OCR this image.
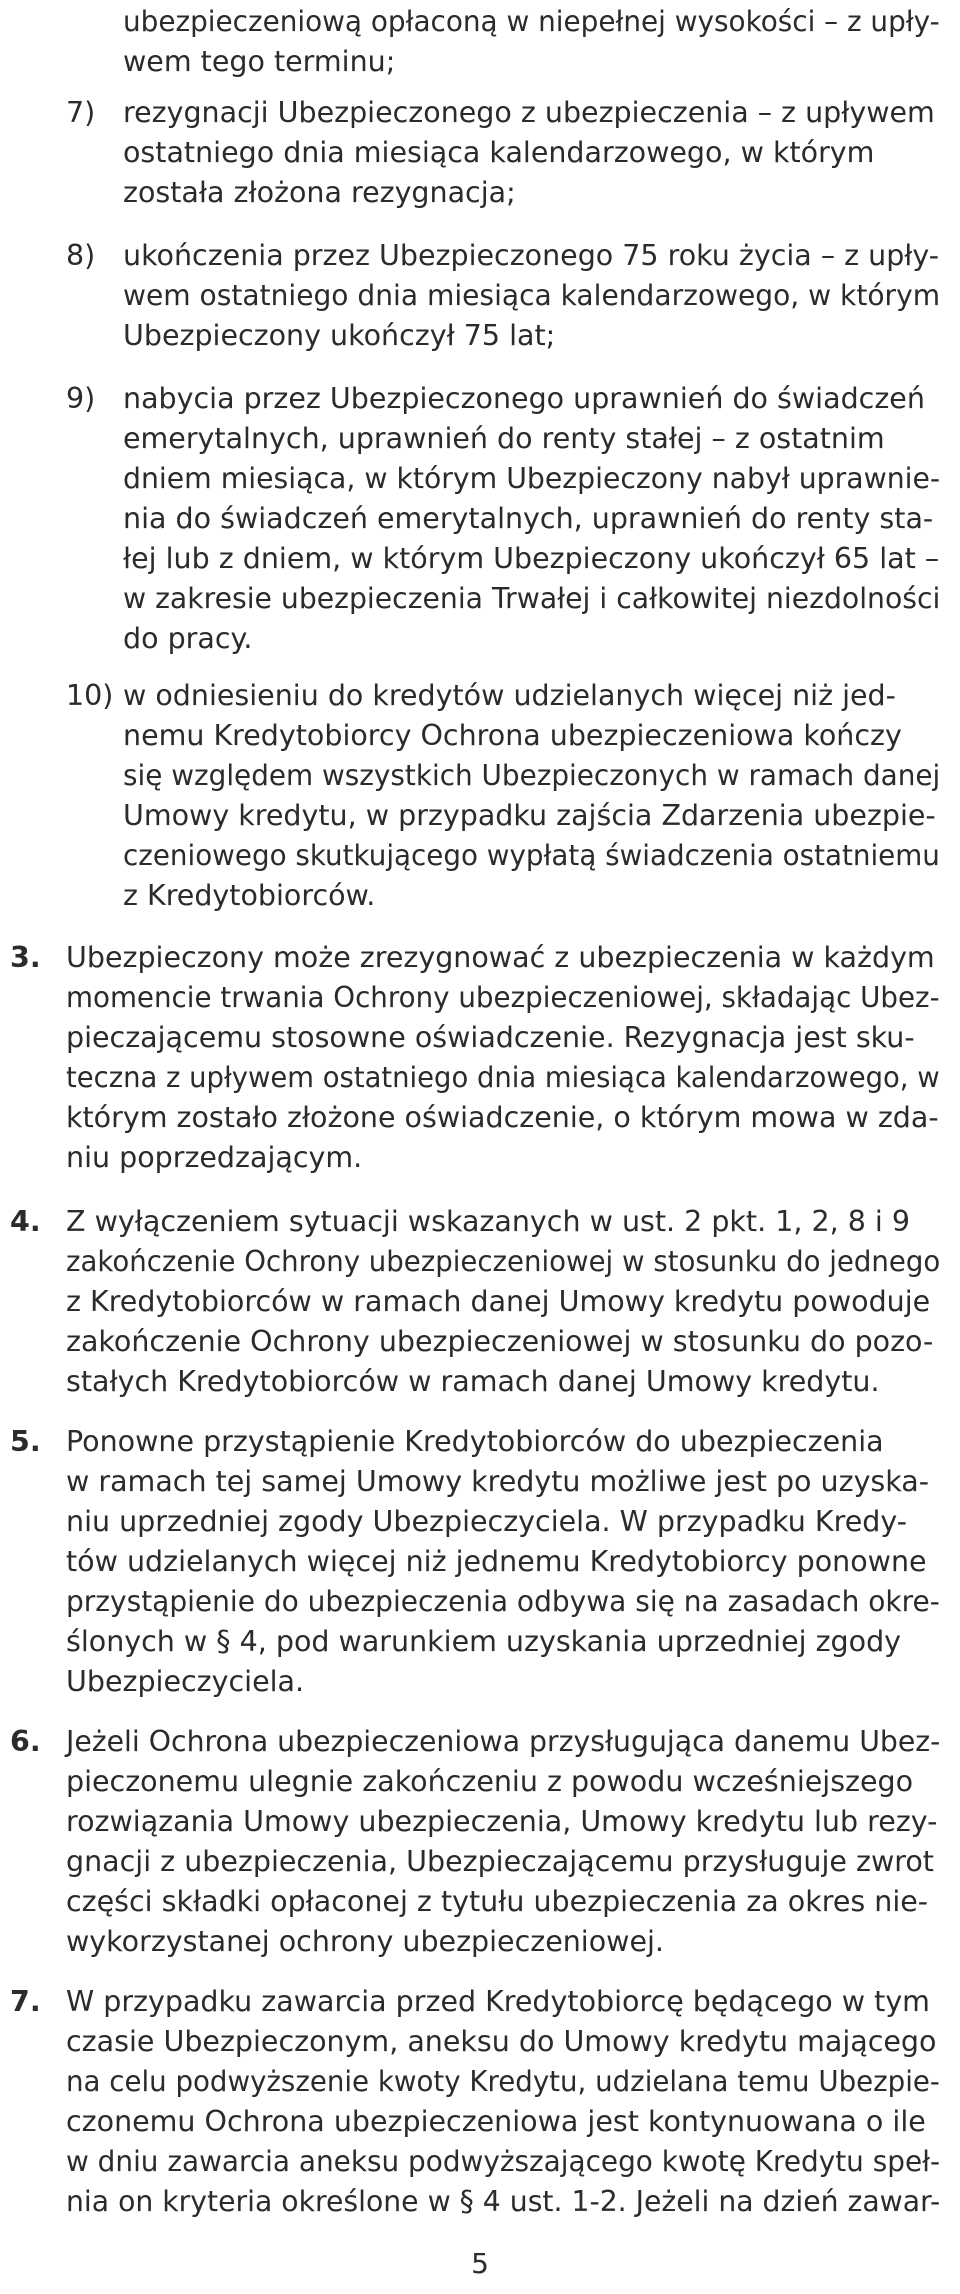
ubezpieczeniową opłaconą w niepełnej wysokości – z upły-
wem tego terminu;
7) rezygnacji Ubezpieczonego z ubezpieczenia – z upływem
ostatniego dnia miesiąca kalendarzowego, w którym
została złożona rezygnacja;
8) ukończenia przez Ubezpieczonego 75 roku życia – z upły-
wem ostatniego dnia miesiąca kalendarzowego, w którym
Ubezpieczony ukończył 75 lat;
9) nabycia przez Ubezpieczonego uprawnień do świadczeń
emerytalnych, uprawnień do renty stałej – z ostatnim
dniem miesiąca, w którym Ubezpieczony nabył uprawnie-
nia do świadczeń emerytalnych, uprawnień do renty sta-
łej lub z dniem, w którym Ubezpieczony ukończył 65 lat –
w zakresie ubezpieczenia Trwałej i całkowitej niezdolności
do pracy.
10) w odniesieniu do kredytów udzielanych więcej niż jed-
nemu Kredytobiorcy Ochrona ubezpieczeniowa kończy
się względem wszystkich Ubezpieczonych w ramach danej
Umowy kredytu, w przypadku zajścia Zdarzenia ubezpie-
czeniowego skutkującego wypłatą świadczenia ostatniemu
z Kredytobiorców.
3. Ubezpieczony może zrezygnować z ubezpieczenia w każdym
momencie trwania Ochrony ubezpieczeniowej, składając Ubez-
pieczającemu stosowne oświadczenie. Rezygnacja jest sku-
teczna z upływem ostatniego dnia miesiąca kalendarzowego, w
którym zostało złożone oświadczenie, o którym mowa w zda-
niu poprzedzającym.
4. Z wyłączeniem sytuacji wskazanych w ust. 2 pkt. 1, 2, 8 i 9
zakończenie Ochrony ubezpieczeniowej w stosunku do jednego
z Kredytobiorców w ramach danej Umowy kredytu powoduje
zakończenie Ochrony ubezpieczeniowej w stosunku do pozo-
stałych Kredytobiorców w ramach danej Umowy kredytu.
5. Ponowne przystąpienie Kredytobiorców do ubezpieczenia
w ramach tej samej Umowy kredytu możliwe jest po uzyska-
niu uprzedniej zgody Ubezpieczyciela. W przypadku Kredy-
tów udzielanych więcej niż jednemu Kredytobiorcy ponowne
przystąpienie do ubezpieczenia odbywa się na zasadach okre-
ślonych w § 4, pod warunkiem uzyskania uprzedniej zgody
Ubezpieczyciela.
6. Jeżeli Ochrona ubezpieczeniowa przysługująca danemu Ubez-
pieczonemu ulegnie zakończeniu z powodu wcześniejszego
rozwiązania Umowy ubezpieczenia, Umowy kredytu lub rezy-
gnacji z ubezpieczenia, Ubezpieczającemu przysługuje zwrot
części składki opłaconej z tytułu ubezpieczenia za okres nie-
wykorzystanej ochrony ubezpieczeniowej.
7. W przypadku zawarcia przed Kredytobiorcę będącego w tym
czasie Ubezpieczonym, aneksu do Umowy kredytu mającego
na celu podwyższenie kwoty Kredytu, udzielana temu Ubezpie-
czonemu Ochrona ubezpieczeniowa jest kontynuowana o ile
w dniu zawarcia aneksu podwyższającego kwotę Kredytu speł-
nia on kryteria określone w § 4 ust. 1-2. Jeżeli na dzień zawar-
5
